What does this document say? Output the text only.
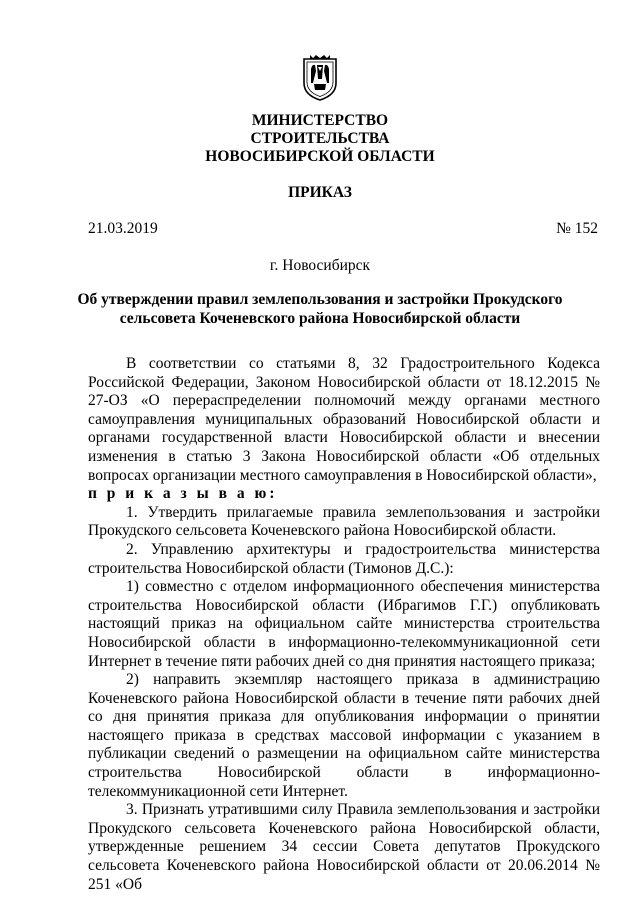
МИНИСТЕРСТВО
СТРОИТЕЛЬСТВА
НОВОСИБИРСКОЙ ОБЛАСТИ
ПРИКАЗ
21.03.2019	№ 152
г. Новосибирск
Об утверждении правил землепользования и застройки Прокудского сельсовета Коченевского района Новосибирской области

В соответствии со статьями 8, 32 Градостроительного Кодекса Российской Федерации, Законом Новосибирской области от 18.12.2015 № 27-ОЗ «О перераспределении полномочий между органами местного самоуправления муниципальных образований Новосибирской области и органами государственной власти Новосибирской области и внесении изменения в статью 3 Закона Новосибирской области «Об отдельных вопросах организации местного самоуправления в Новосибирской области»,

п р и к а з ы в а ю:

1. Утвердить прилагаемые правила землепользования и застройки Прокудского сельсовета Коченевского района Новосибирской области.

2. Управлению архитектуры и градостроительства министерства строительства Новосибирской области (Тимонов Д.С.):

1) совместно с отделом информационного обеспечения министерства строительства Новосибирской области (Ибрагимов Г.Г.) опубликовать настоящий приказ на официальном сайте министерства строительства Новосибирской области в информационно-телекоммуникационной сети Интернет в течение пяти рабочих дней со дня принятия настоящего приказа;

2) направить экземпляр настоящего приказа в администрацию Коченевского района Новосибирской области в течение пяти рабочих дней со дня принятия приказа для опубликования информации о принятии настоящего приказа в средствах массовой информации с указанием в публикации сведений о размещении на официальном сайте министерства строительства Новосибирской области в информационно-телекоммуникационной сети Интернет.

3. Признать утратившими силу Правила землепользования и застройки Прокудского сельсовета Коченевского района Новосибирской области, утвержденные решением 34 сессии Совета депутатов Прокудского сельсовета Коченевского района Новосибирской области от 20.06.2014 № 251 «Об
